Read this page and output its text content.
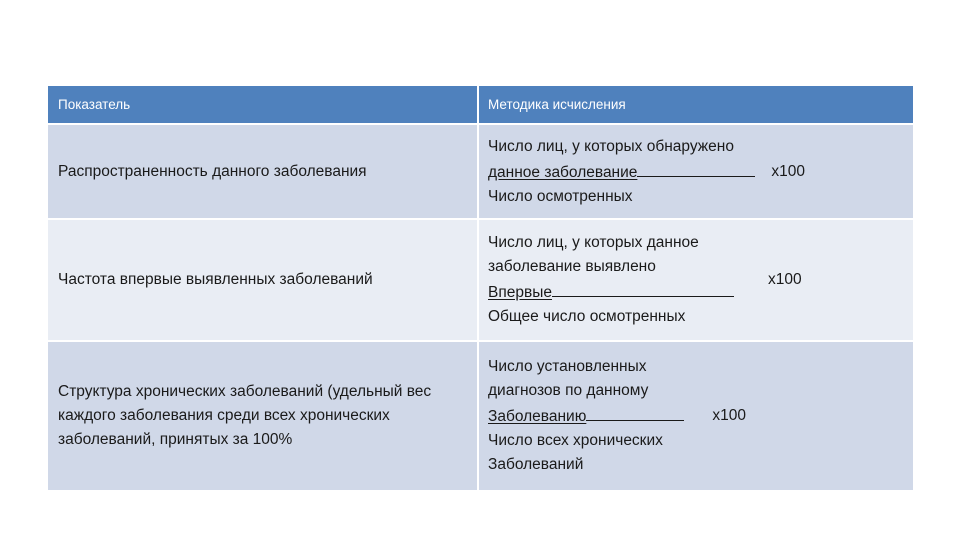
Показатель	Методика исчисления
Распространенность данного заболевания
Число лиц, у которых обнаружено
данное заболевание
Число осмотренных
x100
Частота впервые выявленных заболеваний
Число лиц, у которых данное
заболевание выявлено
Впервые
Общее число осмотренных
x100
Структура хронических заболеваний (удельный вес каждого заболевания среди всех хронических заболеваний, принятых за 100%
Число установленных
диагнозов по данному
Заболеванию
Число всех хронических
Заболеваний
x100
